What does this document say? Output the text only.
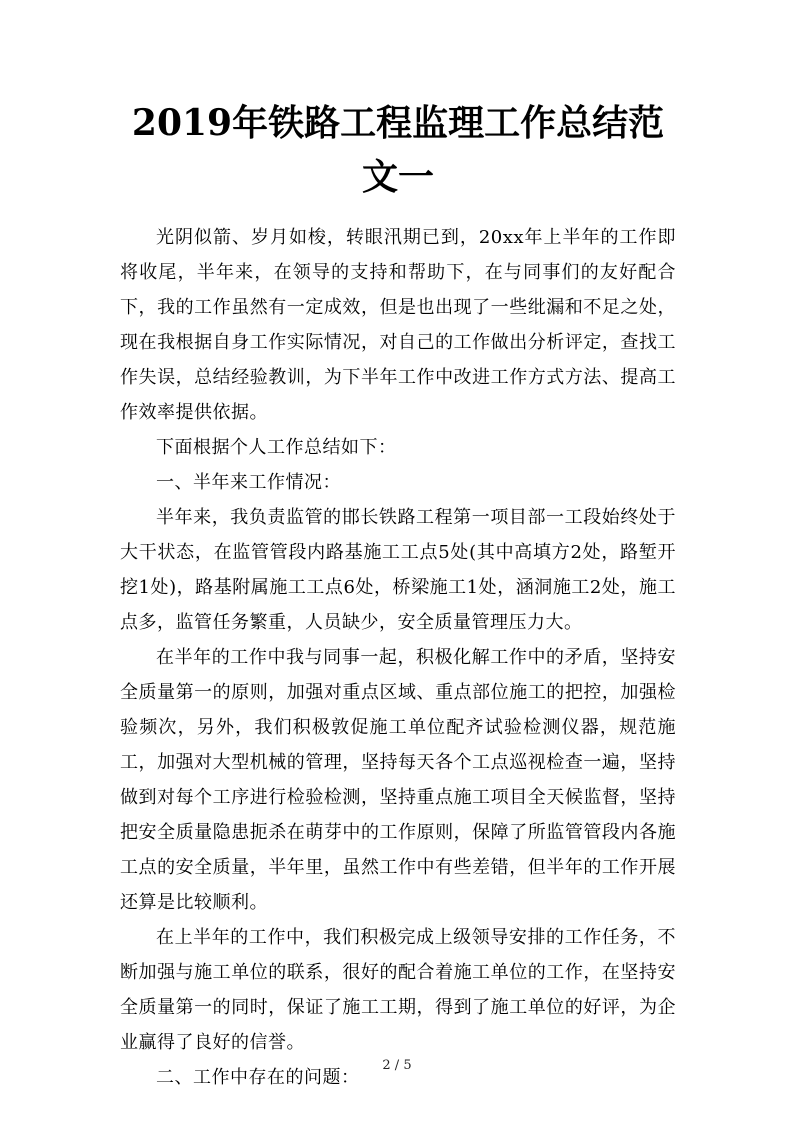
2019年铁路工程监理工作总结范文一

光阴似箭、岁月如梭，转眼汛期已到，20xx年上半年的工作即将收尾，半年来，在领导的支持和帮助下，在与同事们的友好配合下，我的工作虽然有一定成效，但是也出现了一些纰漏和不足之处，现在我根据自身工作实际情况，对自己的工作做出分析评定，查找工作失误，总结经验教训，为下半年工作中改进工作方式方法、提高工作效率提供依据。

下面根据个人工作总结如下：

一、半年来工作情况：

半年来，我负责监管的邯长铁路工程第一项目部一工段始终处于大干状态，在监管管段内路基施工工点5处(其中高填方2处，路堑开挖1处)，路基附属施工工点6处，桥梁施工1处，涵洞施工2处，施工点多，监管任务繁重，人员缺少，安全质量管理压力大。

在半年的工作中我与同事一起，积极化解工作中的矛盾，坚持安全质量第一的原则，加强对重点区域、重点部位施工的把控，加强检验频次，另外，我们积极敦促施工单位配齐试验检测仪器，规范施工，加强对大型机械的管理，坚持每天各个工点巡视检查一遍，坚持做到对每个工序进行检验检测，坚持重点施工项目全天候监督，坚持把安全质量隐患扼杀在萌芽中的工作原则，保障了所监管管段内各施工点的安全质量，半年里，虽然工作中有些差错，但半年的工作开展还算是比较顺利。

在上半年的工作中，我们积极完成上级领导安排的工作任务，不断加强与施工单位的联系，很好的配合着施工单位的工作，在坚持安全质量第一的同时，保证了施工工期，得到了施工单位的好评，为企业赢得了良好的信誉。

二、工作中存在的问题：

2 / 5
